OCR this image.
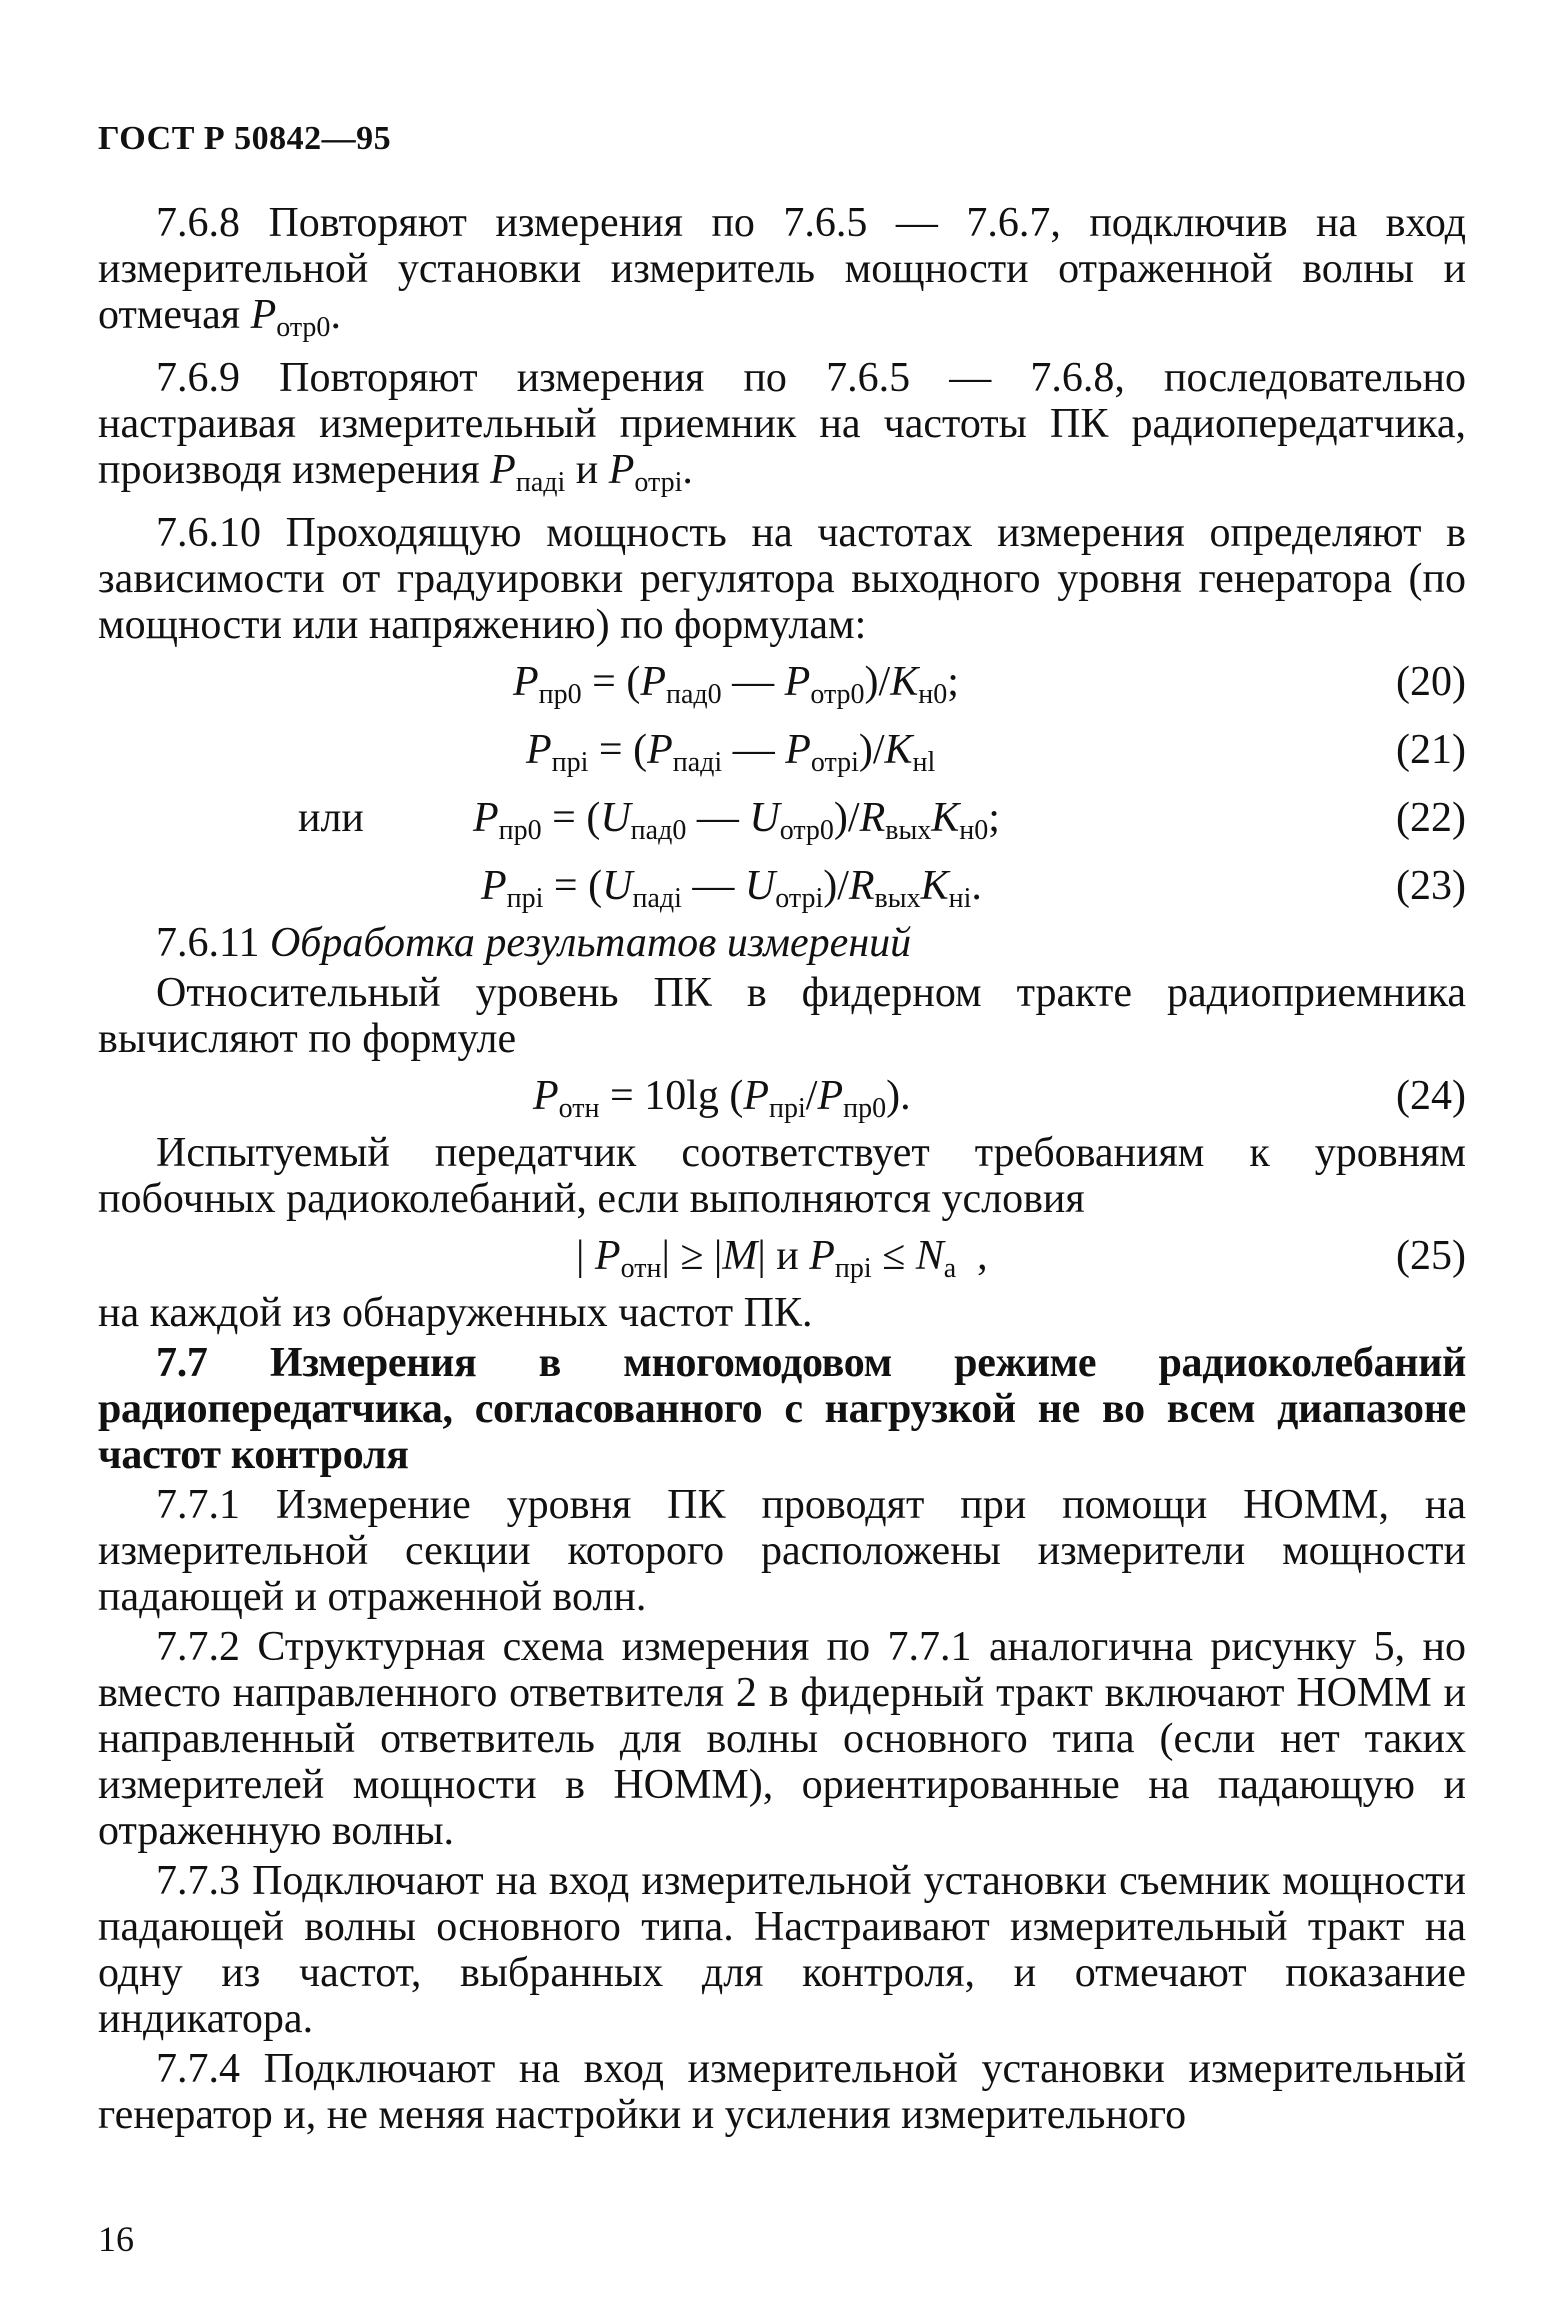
ГОСТ Р 50842—95

7.6.8 Повторяют измерения по 7.6.5 — 7.6.7, подключив на вход измерительной установки измеритель мощности отраженной волны и отмечая $P_{отр0}$.

7.6.9 Повторяют измерения по 7.6.5 — 7.6.8, последовательно настраивая измерительный приемник на частоты ПК радиопередатчика, производя измерения $P_{падi}$ и $P_{отрi}$.

7.6.10 Проходящую мощность на частотах измерения определяют в зависимости от градуировки регулятора выходного уровня генератора (по мощности или напряжению) по формулам:

$P_{пр0} = (P_{пад0}$ — $P_{отр0})/K_{н0}$;	(20)
$P_{прi} = (P_{падi}$ — $P_{отрi})/K_{нl}$	(21)
или	$P_{пр0} = (U_{пад0}$ — $U_{отр0})/R_{вых}K_{н0}$;	(22)
$P_{прi} = (U_{падi}$ — $U_{отрi})/R_{вых}K_{нi}$.	(23)

7.6.11 Обработка результатов измерений

Относительный уровень ПК в фидерном тракте радиоприемника вычисляют по формуле

$P_{отн} = 10\lg$ $(P_{прi}/P_{пр0})$.	(24)

Испытуемый передатчик соответствует требованиям к уровням побочных радиоколебаний, если выполняются условия

| $P_{отн}| \ge |M|$ и $P_{прi} \le N_а$  ,	(25)

на каждой из обнаруженных частот ПК.

7.7 Измерения в многомодовом режиме радиоколебаний радиопередатчика, согласованного с нагрузкой не во всем диапазоне частот контроля

7.7.1 Измерение уровня ПК проводят при помощи НОММ, на измерительной секции которого расположены измерители мощности падающей и отраженной волн.

7.7.2 Структурная схема измерения по 7.7.1 аналогична рисунку 5, но вместо направленного ответвителя 2 в фидерный тракт включают НОММ и направленный ответвитель для волны основного типа (если нет таких измерителей мощности в НОММ), ориентированные на падающую и отраженную волны.

7.7.3 Подключают на вход измерительной установки съемник мощности падающей волны основного типа. Настраивают измерительный тракт на одну из частот, выбранных для контроля, и отмечают показание индикатора.

7.7.4 Подключают на вход измерительной установки измерительный генератор и, не меняя настройки и усиления измерительного

16
